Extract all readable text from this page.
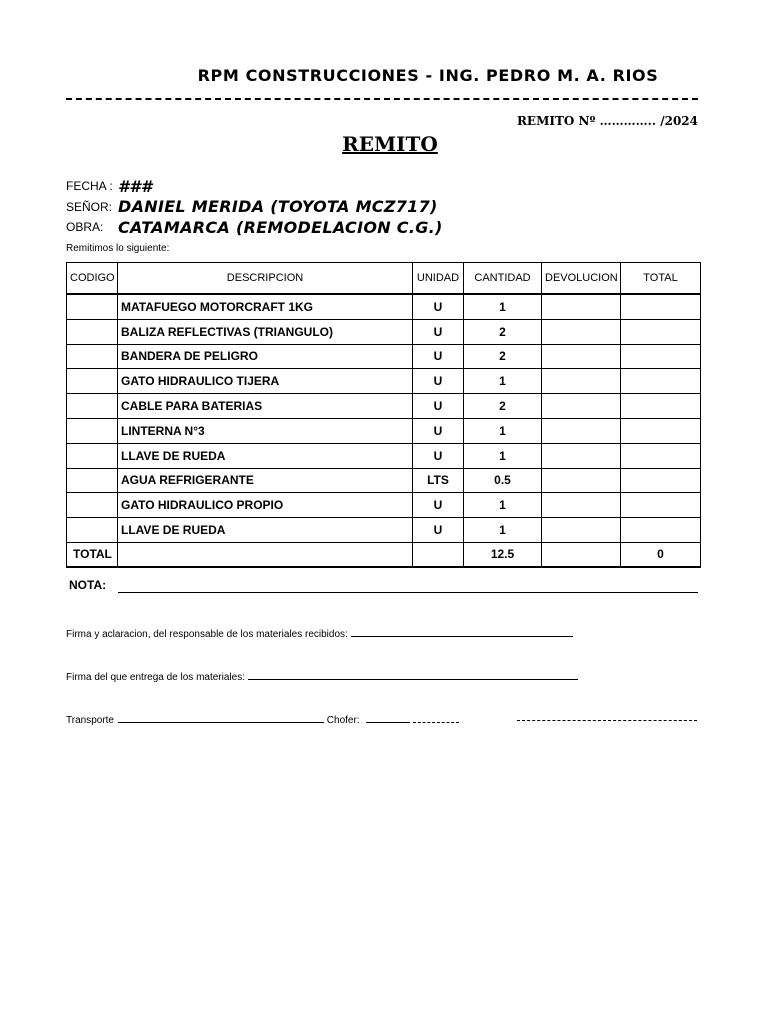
RPM CONSTRUCCIONES - ING. PEDRO M. A. RIOS
REMITO Nº ………….. /2024
REMITO
FECHA : ###
SEÑOR: DANIEL MERIDA (TOYOTA MCZ717)
OBRA: CATAMARCA (REMODELACION C.G.)
Remitimos lo siguiente:
CODIGO	DESCRIPCION	UNIDAD	CANTIDAD	DEVOLUCION	TOTAL
	MATAFUEGO MOTORCRAFT 1KG	U	1		
	BALIZA REFLECTIVAS (TRIANGULO)	U	2		
	BANDERA DE PELIGRO	U	2		
	GATO HIDRAULICO TIJERA	U	1		
	CABLE PARA BATERIAS	U	2		
	LINTERNA N°3	U	1		
	LLAVE DE RUEDA	U	1		
	AGUA REFRIGERANTE	LTS	0.5		
	GATO HIDRAULICO PROPIO	U	1		
	LLAVE DE RUEDA	U	1		
TOTAL			12.5		0
NOTA:
Firma y aclaracion, del responsable de los materiales recibidos:
Firma del que entrega de los materiales:
Transporte	Chofer:
